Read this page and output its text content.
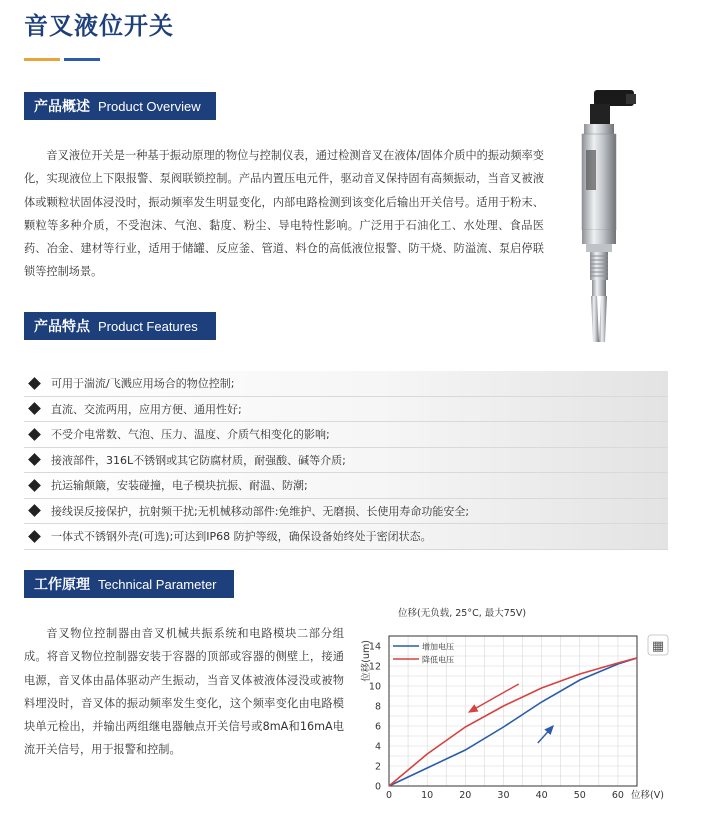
音叉液位开关
产品概述 Product Overview
音叉液位开关是一种基于振动原理的物位与控制仪表，通过检测音叉在液体/固体介质中的振动频率变化，实现液位上下限报警、泵阀联锁控制。产品内置压电元件，驱动音叉保持固有高频振动，当音叉被液体或颗粒状固体浸没时，振动频率发生明显变化，内部电路检测到该变化后输出开关信号。适用于粉末、颗粒等多种介质，不受泡沫、气泡、黏度、粉尘、导电特性影响。广泛用于石油化工、水处理、食品医药、冶金、建材等行业，适用于储罐、反应釜、管道、料仓的高低液位报警、防干烧、防溢流、泵启停联锁等控制场景。
产品特点 Product Features
可用于湍流/飞溅应用场合的物位控制;
直流、交流两用，应用方便、通用性好;
不受介电常数、气泡、压力、温度、介质气相变化的影响;
接液部件，316L不锈钢或其它防腐材质，耐强酸、碱等介质;
抗运输颠簸，安装碰撞，电子模块抗振、耐温、防潮;
接线误反接保护，抗射频干扰;无机械移动部件:免维护、无磨损、长使用寿命功能安全;
一体式不锈钢外壳(可选);可达到IP68 防护等级，确保设备始终处于密闭状态。
工作原理 Technical Parameter
音叉物位控制器由音叉机械共振系统和电路模块二部分组成。将音叉物位控制器安装于容器的顶部或容器的侧壁上，接通电源，音叉体由晶体驱动产生振动，当音叉体被液体浸没或被物料埋没时，音叉体的振动频率发生变化，这个频率变化由电路模块单元检出，并输出两组继电器触点开关信号或8mA和16mA电流开关信号，用于报警和控制。
0	10	20	30	40	50	60
0
2
4
6
8
10
12
14
位移(无负载, 25°C, 最大75V)
位移(V)
位移(um)	增加电压
降低电压
▦
